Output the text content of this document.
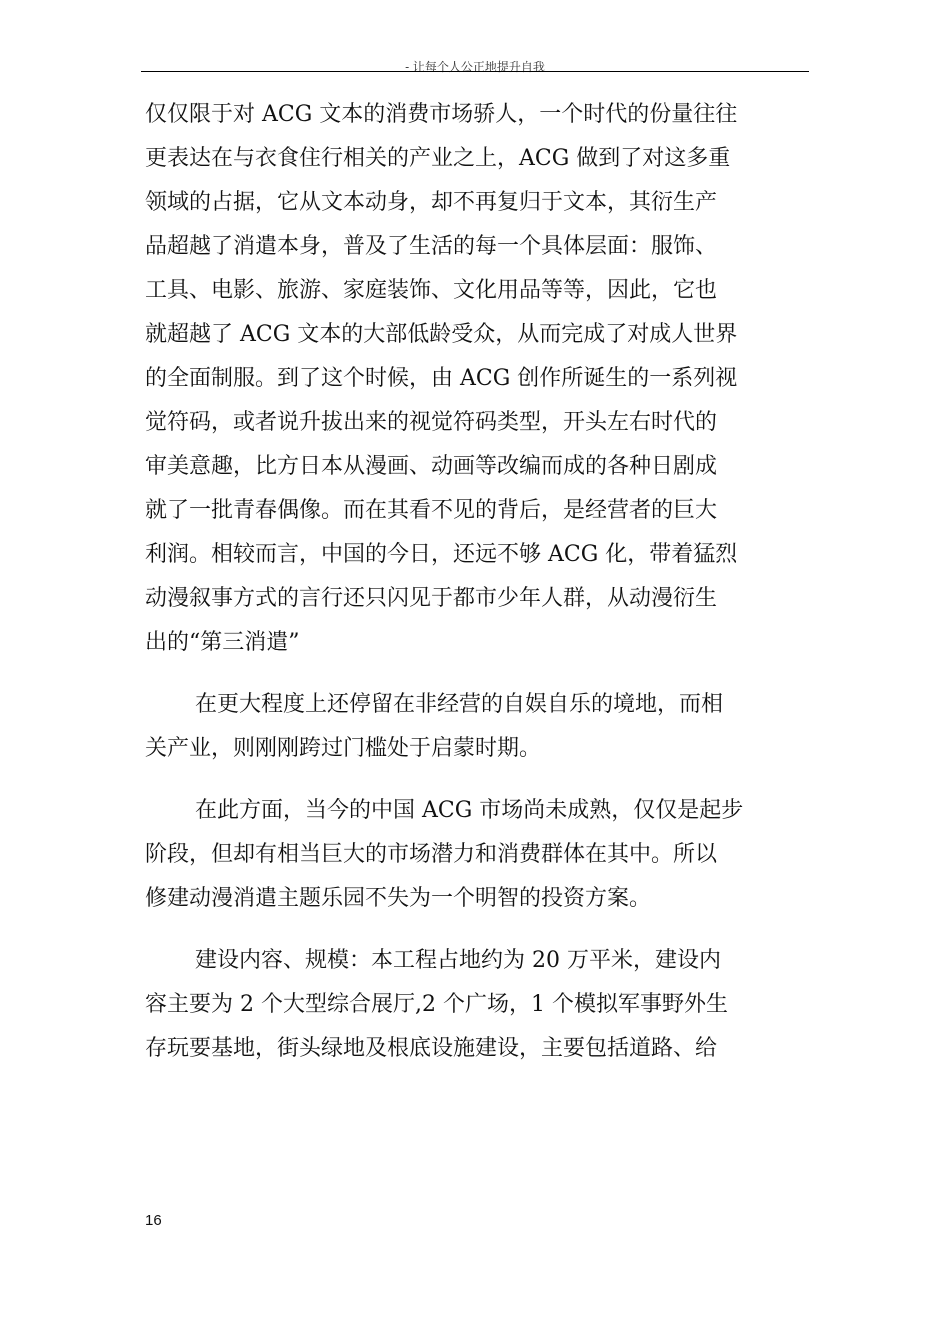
- 让每个人公正地提升自我
仅仅限于对 ACG 文本的消费市场骄人，一个时代的份量往往
更表达在与衣食住行相关的产业之上，ACG 做到了对这多重
领域的占据，它从文本动身，却不再复归于文本，其衍生产
品超越了消遣本身，普及了生活的每一个具体层面：服饰、
工具、电影、旅游、家庭装饰、文化用品等等，因此，它也
就超越了 ACG 文本的大部低龄受众，从而完成了对成人世界
的全面制服。到了这个时候，由 ACG 创作所诞生的一系列视
觉符码，或者说升拔出来的视觉符码类型，开头左右时代的
审美意趣，比方日本从漫画、动画等改编而成的各种日剧成
就了一批青春偶像。而在其看不见的背后，是经营者的巨大
利润。相较而言，中国的今日，还远不够 ACG 化，带着猛烈
动漫叙事方式的言行还只闪见于都市少年人群，从动漫衍生
出的“第三消遣”
在更大程度上还停留在非经营的自娱自乐的境地，而相
关产业，则刚刚跨过门槛处于启蒙时期。
在此方面，当今的中国 ACG 市场尚未成熟，仅仅是起步
阶段，但却有相当巨大的市场潜力和消费群体在其中。所以
修建动漫消遣主题乐园不失为一个明智的投资方案。
建设内容、规模：本工程占地约为 20 万平米，建设内
容主要为 2 个大型综合展厅,2 个广场，1 个模拟军事野外生
存玩要基地，街头绿地及根底设施建设，主要包括道路、给
16
